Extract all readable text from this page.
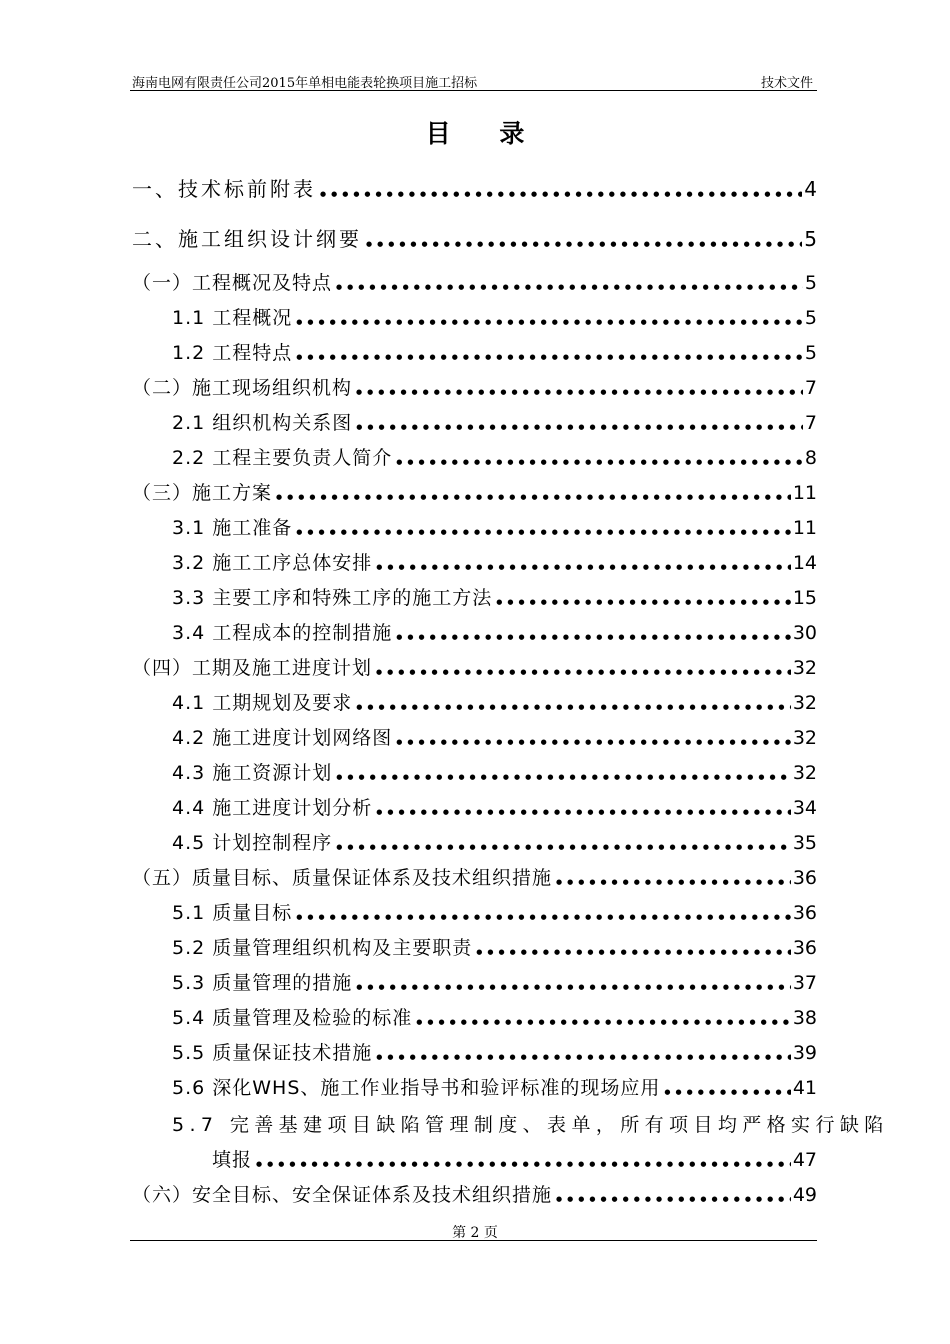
海南电网有限责任公司2015年单相电能表轮换项目施工招标	技术文件
目 录
一、技术标前附表 ●●●●●●●●●●●●●●●●●●●●●●●●●●●●●●●●●●●●●●●●●●●●●●●●●●●●●●●●●●●●●●●●●●●●	4
二、施工组织设计纲要 ●●●●●●●●●●●●●●●●●●●●●●●●●●●●●●●●●●●●●●●●●●●●●●●●●●●●●●●●●●●●●●●●●●●●	5
（一）工程概况及特点 ●●●●●●●●●●●●●●●●●●●●●●●●●●●●●●●●●●●●●●●●●●●●●●●●●●●●●●●●●●●●●●●●●●●●	5
1.1 工程概况 ●●●●●●●●●●●●●●●●●●●●●●●●●●●●●●●●●●●●●●●●●●●●●●●●●●●●●●●●●●●●●●●●●●●●	5
1.2 工程特点 ●●●●●●●●●●●●●●●●●●●●●●●●●●●●●●●●●●●●●●●●●●●●●●●●●●●●●●●●●●●●●●●●●●●●	5
（二）施工现场组织机构 ●●●●●●●●●●●●●●●●●●●●●●●●●●●●●●●●●●●●●●●●●●●●●●●●●●●●●●●●●●●●●●●●●●●●	7
2.1 组织机构关系图 ●●●●●●●●●●●●●●●●●●●●●●●●●●●●●●●●●●●●●●●●●●●●●●●●●●●●●●●●●●●●●●●●●●●●	7
2.2 工程主要负责人简介 ●●●●●●●●●●●●●●●●●●●●●●●●●●●●●●●●●●●●●●●●●●●●●●●●●●●●●●●●●●●●●●●●●●●●	8
（三）施工方案 ●●●●●●●●●●●●●●●●●●●●●●●●●●●●●●●●●●●●●●●●●●●●●●●●●●●●●●●●●●●●●●●●●●●●	11
3.1 施工准备 ●●●●●●●●●●●●●●●●●●●●●●●●●●●●●●●●●●●●●●●●●●●●●●●●●●●●●●●●●●●●●●●●●●●●	11
3.2 施工工序总体安排 ●●●●●●●●●●●●●●●●●●●●●●●●●●●●●●●●●●●●●●●●●●●●●●●●●●●●●●●●●●●●●●●●●●●●	14
3.3 主要工序和特殊工序的施工方法 ●●●●●●●●●●●●●●●●●●●●●●●●●●●●●●●●●●●●●●●●●●●●●●●●●●●●●●●●●●●●●●●●●●●●	15
3.4 工程成本的控制措施 ●●●●●●●●●●●●●●●●●●●●●●●●●●●●●●●●●●●●●●●●●●●●●●●●●●●●●●●●●●●●●●●●●●●●	30
（四）工期及施工进度计划 ●●●●●●●●●●●●●●●●●●●●●●●●●●●●●●●●●●●●●●●●●●●●●●●●●●●●●●●●●●●●●●●●●●●●	32
4.1 工期规划及要求 ●●●●●●●●●●●●●●●●●●●●●●●●●●●●●●●●●●●●●●●●●●●●●●●●●●●●●●●●●●●●●●●●●●●●	32
4.2 施工进度计划网络图 ●●●●●●●●●●●●●●●●●●●●●●●●●●●●●●●●●●●●●●●●●●●●●●●●●●●●●●●●●●●●●●●●●●●●	32
4.3 施工资源计划 ●●●●●●●●●●●●●●●●●●●●●●●●●●●●●●●●●●●●●●●●●●●●●●●●●●●●●●●●●●●●●●●●●●●●	32
4.4 施工进度计划分析 ●●●●●●●●●●●●●●●●●●●●●●●●●●●●●●●●●●●●●●●●●●●●●●●●●●●●●●●●●●●●●●●●●●●●	34
4.5 计划控制程序 ●●●●●●●●●●●●●●●●●●●●●●●●●●●●●●●●●●●●●●●●●●●●●●●●●●●●●●●●●●●●●●●●●●●●	35
（五）质量目标、质量保证体系及技术组织措施 ●●●●●●●●●●●●●●●●●●●●●●●●●●●●●●●●●●●●●●●●●●●●●●●●●●●●●●●●●●●●●●●●●●●●	36
5.1 质量目标 ●●●●●●●●●●●●●●●●●●●●●●●●●●●●●●●●●●●●●●●●●●●●●●●●●●●●●●●●●●●●●●●●●●●●	36
5.2 质量管理组织机构及主要职责 ●●●●●●●●●●●●●●●●●●●●●●●●●●●●●●●●●●●●●●●●●●●●●●●●●●●●●●●●●●●●●●●●●●●●	36
5.3 质量管理的措施 ●●●●●●●●●●●●●●●●●●●●●●●●●●●●●●●●●●●●●●●●●●●●●●●●●●●●●●●●●●●●●●●●●●●●	37
5.4 质量管理及检验的标准 ●●●●●●●●●●●●●●●●●●●●●●●●●●●●●●●●●●●●●●●●●●●●●●●●●●●●●●●●●●●●●●●●●●●●	38
5.5 质量保证技术措施 ●●●●●●●●●●●●●●●●●●●●●●●●●●●●●●●●●●●●●●●●●●●●●●●●●●●●●●●●●●●●●●●●●●●●	39
5.6 深化WHS、施工作业指导书和验评标准的现场应用 ●●●●●●●●●●●●●●●●●●●●●●●●●●●●●●●●●●●●●●●●●●●●●●●●●●●●●●●●●●●●●●●●●●●●	41
5.7 完善基建项目缺陷管理制度、表单，所有项目均严格实行缺陷
填报 ●●●●●●●●●●●●●●●●●●●●●●●●●●●●●●●●●●●●●●●●●●●●●●●●●●●●●●●●●●●●●●●●●●●●	47
（六）安全目标、安全保证体系及技术组织措施 ●●●●●●●●●●●●●●●●●●●●●●●●●●●●●●●●●●●●●●●●●●●●●●●●●●●●●●●●●●●●●●●●●●●●	49
第 2 页
